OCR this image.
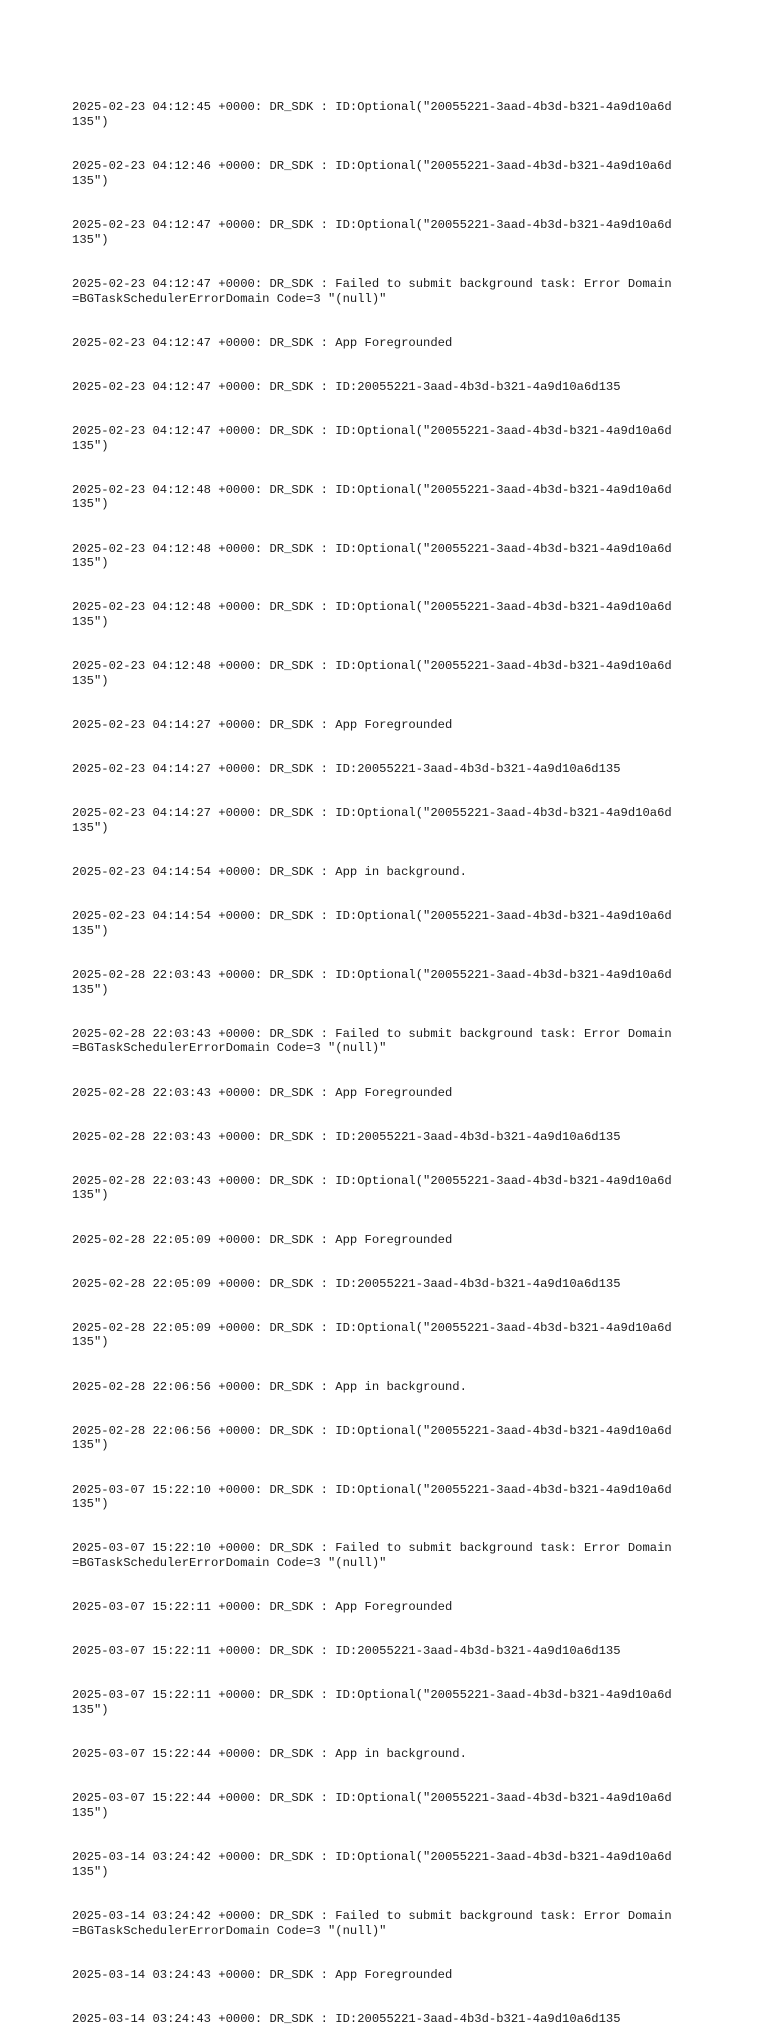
2025-02-23 04:12:45 +0000: DR_SDK : ID:Optional("20055221-3aad-4b3d-b321-4a9d10a6d135")

2025-02-23 04:12:46 +0000: DR_SDK : ID:Optional("20055221-3aad-4b3d-b321-4a9d10a6d135")

2025-02-23 04:12:47 +0000: DR_SDK : ID:Optional("20055221-3aad-4b3d-b321-4a9d10a6d135")

2025-02-23 04:12:47 +0000: DR_SDK : Failed to submit background task: Error Domain=BGTaskSchedulerErrorDomain Code=3 "(null)"

2025-02-23 04:12:47 +0000: DR_SDK : App Foregrounded

2025-02-23 04:12:47 +0000: DR_SDK : ID:20055221-3aad-4b3d-b321-4a9d10a6d135

2025-02-23 04:12:47 +0000: DR_SDK : ID:Optional("20055221-3aad-4b3d-b321-4a9d10a6d135")

2025-02-23 04:12:48 +0000: DR_SDK : ID:Optional("20055221-3aad-4b3d-b321-4a9d10a6d135")

2025-02-23 04:12:48 +0000: DR_SDK : ID:Optional("20055221-3aad-4b3d-b321-4a9d10a6d135")

2025-02-23 04:12:48 +0000: DR_SDK : ID:Optional("20055221-3aad-4b3d-b321-4a9d10a6d135")

2025-02-23 04:12:48 +0000: DR_SDK : ID:Optional("20055221-3aad-4b3d-b321-4a9d10a6d135")

2025-02-23 04:14:27 +0000: DR_SDK : App Foregrounded

2025-02-23 04:14:27 +0000: DR_SDK : ID:20055221-3aad-4b3d-b321-4a9d10a6d135

2025-02-23 04:14:27 +0000: DR_SDK : ID:Optional("20055221-3aad-4b3d-b321-4a9d10a6d135")

2025-02-23 04:14:54 +0000: DR_SDK : App in background.

2025-02-23 04:14:54 +0000: DR_SDK : ID:Optional("20055221-3aad-4b3d-b321-4a9d10a6d135")

2025-02-28 22:03:43 +0000: DR_SDK : ID:Optional("20055221-3aad-4b3d-b321-4a9d10a6d135")

2025-02-28 22:03:43 +0000: DR_SDK : Failed to submit background task: Error Domain=BGTaskSchedulerErrorDomain Code=3 "(null)"

2025-02-28 22:03:43 +0000: DR_SDK : App Foregrounded

2025-02-28 22:03:43 +0000: DR_SDK : ID:20055221-3aad-4b3d-b321-4a9d10a6d135

2025-02-28 22:03:43 +0000: DR_SDK : ID:Optional("20055221-3aad-4b3d-b321-4a9d10a6d135")

2025-02-28 22:05:09 +0000: DR_SDK : App Foregrounded

2025-02-28 22:05:09 +0000: DR_SDK : ID:20055221-3aad-4b3d-b321-4a9d10a6d135

2025-02-28 22:05:09 +0000: DR_SDK : ID:Optional("20055221-3aad-4b3d-b321-4a9d10a6d135")

2025-02-28 22:06:56 +0000: DR_SDK : App in background.

2025-02-28 22:06:56 +0000: DR_SDK : ID:Optional("20055221-3aad-4b3d-b321-4a9d10a6d135")

2025-03-07 15:22:10 +0000: DR_SDK : ID:Optional("20055221-3aad-4b3d-b321-4a9d10a6d135")

2025-03-07 15:22:10 +0000: DR_SDK : Failed to submit background task: Error Domain=BGTaskSchedulerErrorDomain Code=3 "(null)"

2025-03-07 15:22:11 +0000: DR_SDK : App Foregrounded

2025-03-07 15:22:11 +0000: DR_SDK : ID:20055221-3aad-4b3d-b321-4a9d10a6d135

2025-03-07 15:22:11 +0000: DR_SDK : ID:Optional("20055221-3aad-4b3d-b321-4a9d10a6d135")

2025-03-07 15:22:44 +0000: DR_SDK : App in background.

2025-03-07 15:22:44 +0000: DR_SDK : ID:Optional("20055221-3aad-4b3d-b321-4a9d10a6d135")

2025-03-14 03:24:42 +0000: DR_SDK : ID:Optional("20055221-3aad-4b3d-b321-4a9d10a6d135")

2025-03-14 03:24:42 +0000: DR_SDK : Failed to submit background task: Error Domain=BGTaskSchedulerErrorDomain Code=3 "(null)"

2025-03-14 03:24:43 +0000: DR_SDK : App Foregrounded

2025-03-14 03:24:43 +0000: DR_SDK : ID:20055221-3aad-4b3d-b321-4a9d10a6d135
